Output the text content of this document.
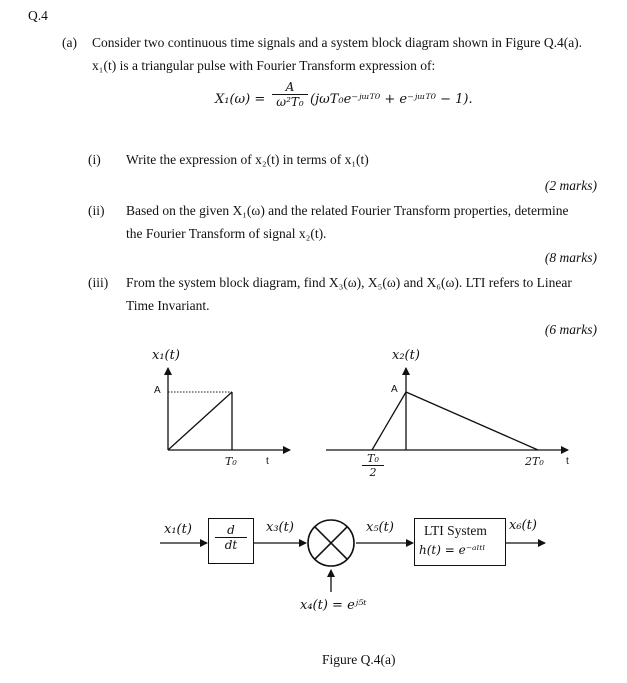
Q.4
(a) Consider two continuous time signals and a system block diagram shown in Figure Q.4(a).
x₁(t) is a triangular pulse with Fourier Transform expression of:
$X_1(\omega) = \frac{A}{\text{ω²T₀}}$ (jωT₀e⁻ʲᵚᵀ⁰ + e⁻ʲᵚᵀ⁰ − 1).
(i) Write the expression of x₂(t) in terms of x₁(t)
(2 marks)
(ii) Based on the given X₁(ω) and the related Fourier Transform properties, determine
the Fourier Transform of signal x₂(t).
(8 marks)
(iii) From the system block diagram, find X₃(ω), X₅(ω) and X₆(ω). LTI refers to Linear
Time Invariant.
(6 marks)
x₁(t)
A
T₀	t
x₂(t)
A
$\frac{\text{T₀}}{2}$	2T₀ t
$x_1(t) \frac{d}{dt} x_3(t)$	x₅(t) LTI System
h(t) = e⁻ᵃˡᵗˡ
x₆(t)
x₄(t) = eʲ⁵ᵗ
Figure Q.4(a)
